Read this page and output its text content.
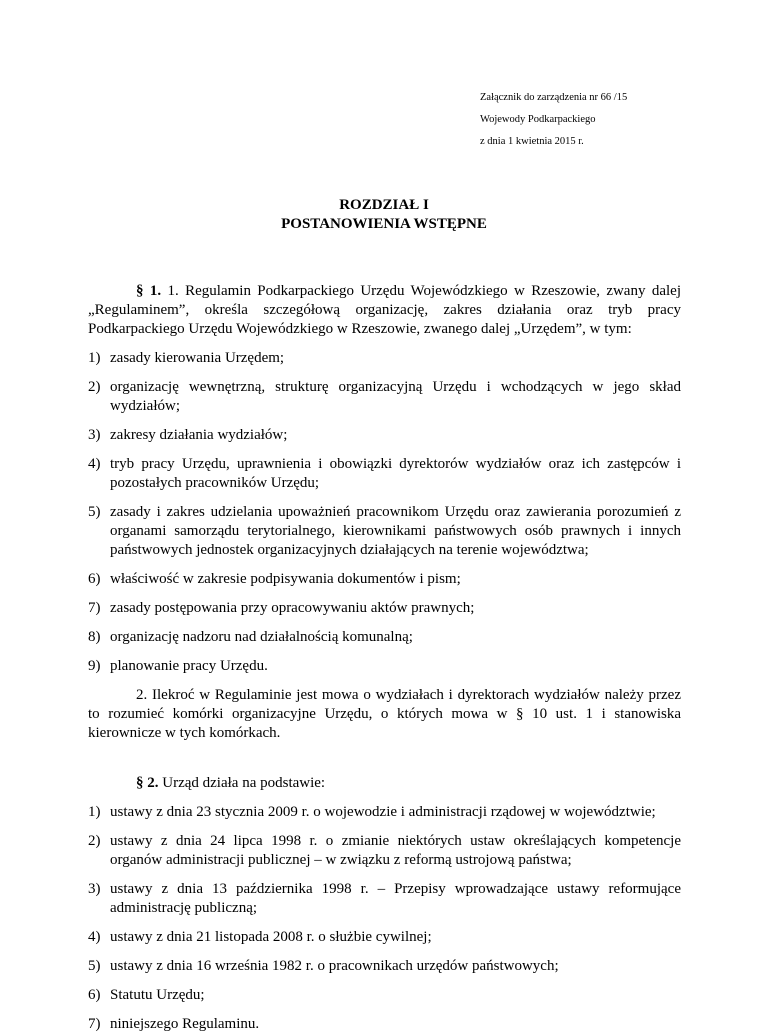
Załącznik do zarządzenia nr 66 /15
Wojewody Podkarpackiego
z dnia 1 kwietnia 2015 r.
ROZDZIAŁ I
POSTANOWIENIA WSTĘPNE

§ 1. 1. Regulamin Podkarpackiego Urzędu Wojewódzkiego w Rzeszowie, zwany dalej „Regulaminem”, określa szczegółową organizację, zakres działania oraz tryb pracy Podkarpackiego Urzędu Wojewódzkiego w Rzeszowie, zwanego dalej „Urzędem”, w tym:

1) zasady kierowania Urzędem;
2) organizację wewnętrzną, strukturę organizacyjną Urzędu i wchodzących w jego skład wydziałów;
3) zakresy działania wydziałów;
4) tryb pracy Urzędu, uprawnienia i obowiązki dyrektorów wydziałów oraz ich zastępców i pozostałych pracowników Urzędu;
5) zasady i zakres udzielania upoważnień pracownikom Urzędu oraz zawierania porozumień z organami samorządu terytorialnego, kierownikami państwowych osób prawnych i innych państwowych jednostek organizacyjnych działających na terenie województwa;
6) właściwość w zakresie podpisywania dokumentów i pism;
7) zasady postępowania przy opracowywaniu aktów prawnych;
8) organizację nadzoru nad działalnością komunalną;
9) planowanie pracy Urzędu.

2. Ilekroć w Regulaminie jest mowa o wydziałach i dyrektorach wydziałów należy przez to rozumieć komórki organizacyjne Urzędu, o których mowa w § 10 ust. 1 i stanowiska kierownicze w tych komórkach.

§ 2. Urząd działa na podstawie:

1) ustawy z dnia 23 stycznia 2009 r. o wojewodzie i administracji rządowej w województwie;
2) ustawy z dnia 24 lipca 1998 r. o zmianie niektórych ustaw określających kompetencje organów administracji publicznej – w związku z reformą ustrojową państwa;
3) ustawy z dnia 13 października 1998 r. – Przepisy wprowadzające ustawy reformujące administrację publiczną;
4) ustawy z dnia 21 listopada 2008 r. o służbie cywilnej;
5) ustawy z dnia 16 września 1982 r. o pracownikach urzędów państwowych;
6) Statutu Urzędu;
7) niniejszego Regulaminu.
